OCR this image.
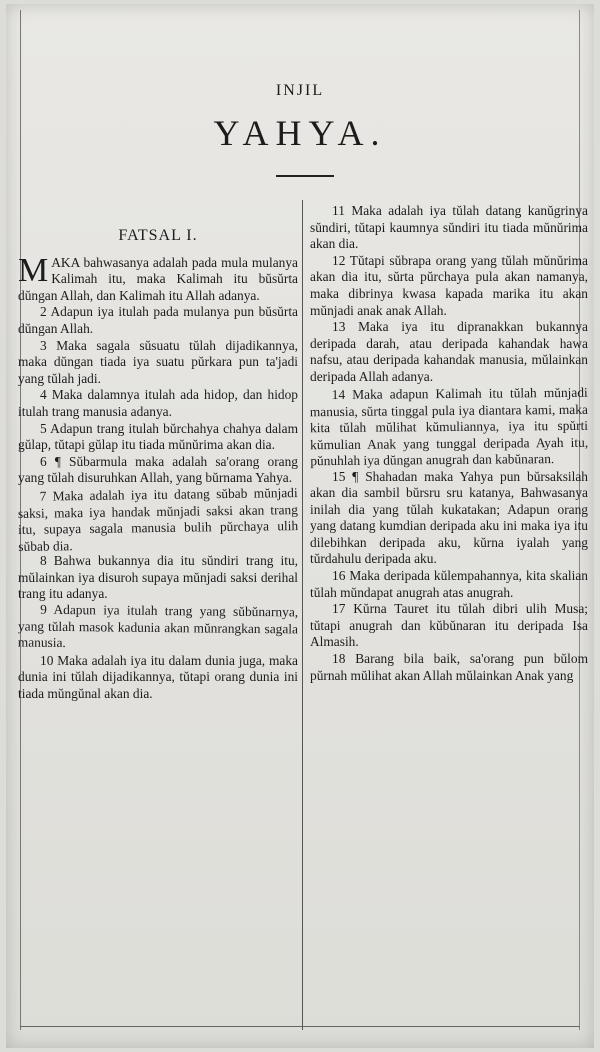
INJIL
YAHYA.
FATSAL I.

MAKA bahwasanya adalah pada mula mulanya Kalimah itu, maka Kalimah itu bŭsŭrta dŭngan Allah, dan Kalimah itu Allah adanya.

2 Adapun iya itulah pada mulanya pun bŭsŭrta dŭngan Allah.

3 Maka sagala sŭsuatu tŭlah dijadikannya, maka dŭngan tiada iya suatu pŭrkara pun ta'jadi yang tŭlah jadi.

4 Maka dalamnya itulah ada hidop, dan hidop itulah trang manusia adanya.

5 Adapun trang itulah bŭrchahya chahya dalam gŭlap, tŭtapi gŭlap itu tiada mŭnŭrima akan dia.

6 ¶ Sŭbarmula maka adalah sa'orang orang yang tŭlah disuruhkan Allah, yang bŭrnama Yahya.

7 Maka adalah iya itu datang sŭbab mŭnjadi saksi, maka iya handak mŭnjadi saksi akan trang itu, supaya sagala manusia bulih pŭrchaya ulih sŭbab dia.

8 Bahwa bukannya dia itu sŭndiri trang itu, mŭlainkan iya disuroh supaya mŭnjadi saksi derihal trang itu adanya.

9 Adapun iya itulah trang yang sŭbŭnarnya, yang tŭlah masok kadunia akan mŭnrangkan sagala manusia.

10 Maka adalah iya itu dalam dunia juga, maka dunia ini tŭlah dijadikannya, tŭtapi orang dunia ini tiada mŭngŭnal akan dia.

11 Maka adalah iya tŭlah datang kanŭgrinya sŭndiri, tŭtapi kaumnya sŭndiri itu tiada mŭnŭrima akan dia.

12 Tŭtapi sŭbrapa orang yang tŭlah mŭnŭrima akan dia itu, sŭrta pŭrchaya pula akan namanya, maka dibrinya kwasa kapada marika itu akan mŭnjadi anak anak Allah.

13 Maka iya itu dipranakkan bukannya deripada darah, atau deripada kahandak hawa nafsu, atau deripada kahandak manusia, mŭlainkan deripada Allah adanya.

14 Maka adapun Kalimah itu tŭlah mŭnjadi manusia, sŭrta tinggal pula iya diantara kami, maka kita tŭlah mŭlihat kŭmuliannya, iya itu spŭrti kŭmulian Anak yang tunggal deripada Ayah itu, pŭnuhlah iya dŭngan anugrah dan kabŭnaran.

15 ¶ Shahadan maka Yahya pun bŭrsaksilah akan dia sambil bŭrsru sru katanya, Bahwasanya inilah dia yang tŭlah kukatakan; Adapun orang yang datang kumdian deripada aku ini maka iya itu dilebihkan deripada aku, kŭrna iyalah yang tŭrdahulu deripada aku.

16 Maka deripada kŭlempahannya, kita skalian tŭlah mŭndapat anugrah atas anugrah.

17 Kŭrna Tauret itu tŭlah dibri ulih Musa; tŭtapi anugrah dan kŭbŭnaran itu deripada Isa Almasih.

18 Barang bila baik, sa'orang pun bŭlom pŭrnah mŭlihat akan Allah mŭlainkan Anak yang
